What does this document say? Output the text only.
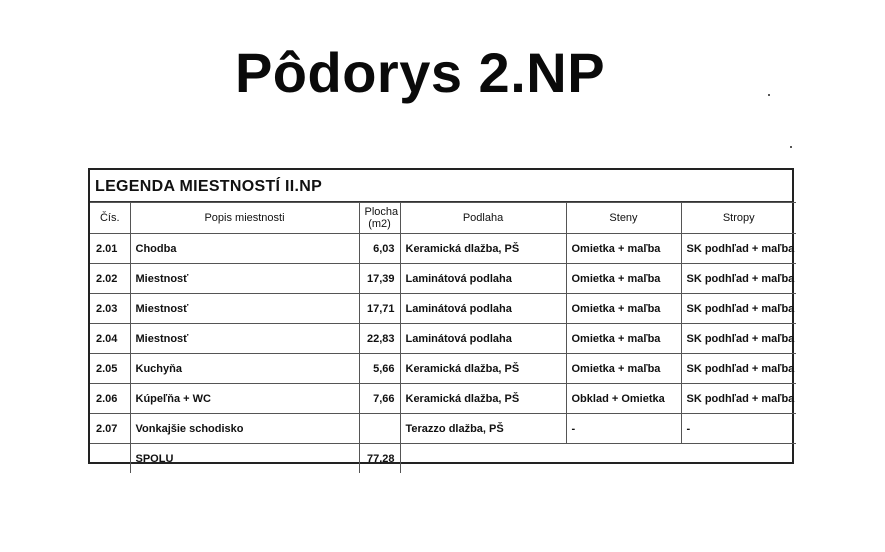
Pôdorys 2.NP
LEGENDA MIESTNOSTÍ II.NP
Čís.	Popis miestnosti	Plocha (m2)	Podlaha	Steny	Stropy
2.01	Chodba	6,03	Keramická dlažba, PŠ	Omietka + maľba	SK podhľad + maľba
2.02	Miestnosť	17,39	Laminátová podlaha	Omietka + maľba	SK podhľad + maľba
2.03	Miestnosť	17,71	Laminátová podlaha	Omietka + maľba	SK podhľad + maľba
2.04	Miestnosť	22,83	Laminátová podlaha	Omietka + maľba	SK podhľad + maľba
2.05	Kuchyňa	5,66	Keramická dlažba, PŠ	Omietka + maľba	SK podhľad + maľba
2.06	Kúpeľňa + WC	7,66	Keramická dlažba, PŠ	Obklad + Omietka	SK podhľad + maľba
2.07	Vonkajšie schodisko		Terazzo dlažba, PŠ	-	-
	SPOLU	77,28			
